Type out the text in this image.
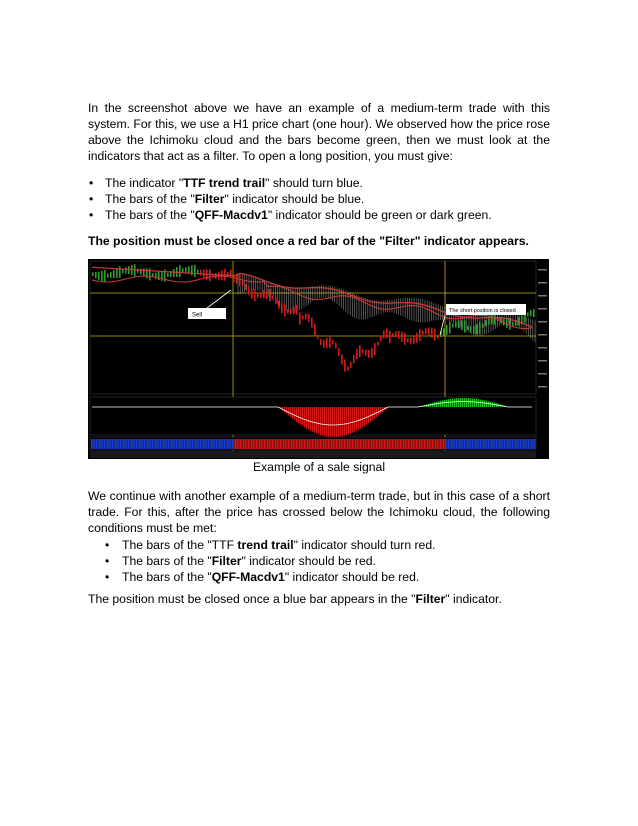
In the screenshot above we have an example of a medium-term trade with this system. For this, we use a H1 price chart (one hour). We observed how the price rose above the Ichimoku cloud and the bars become green, then we must look at the indicators that act as a filter. To open a long position, you must give:

• The indicator "TTF trend trail" should turn blue.
• The bars of the "Filter" indicator should be blue.
• The bars of the "QFF-Macdv1" indicator should be green or dark green.

The position must be closed once a red bar of the "Filter" indicator appears.

Sell
The short position is closed

Example of a sale signal

We continue with another example of a medium-term trade, but in this case of a short trade. For this, after the price has crossed below the Ichimoku cloud, the following conditions must be met:

• The bars of the "TTF trend trail" indicator should turn red.
• The bars of the "Filter" indicator should be red.
• The bars of the "QFF-Macdv1" indicator should be red.

The position must be closed once a blue bar appears in the "Filter" indicator.
